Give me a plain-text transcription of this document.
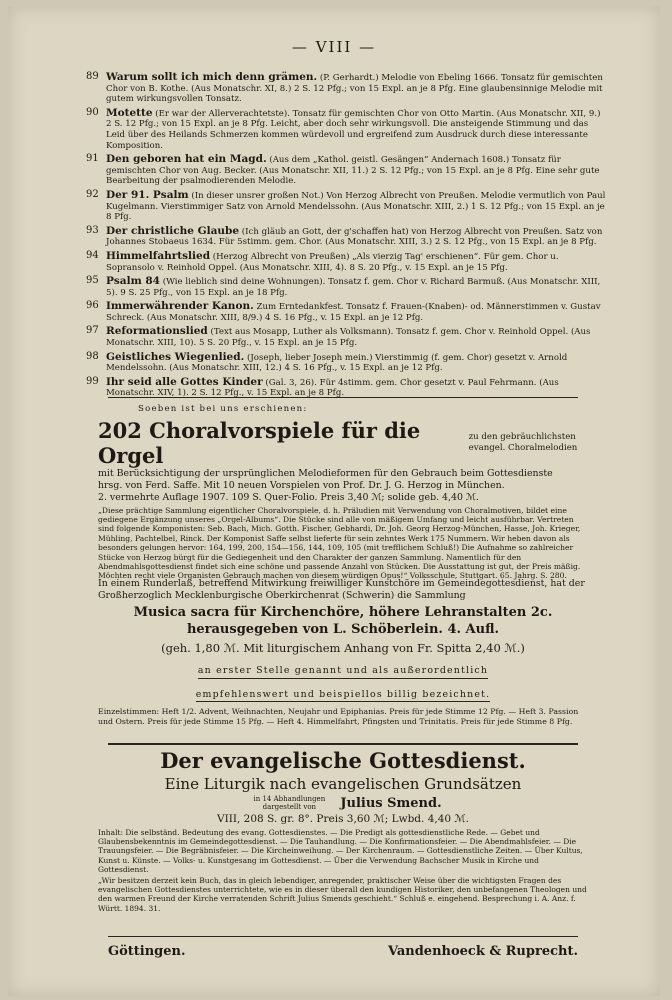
— VIII —
89 Warum sollt ich mich denn grämen. (P. Gerhardt.) Melodie von Ebeling 1666. Tonsatz für gemischten Chor von B. Kothe. (Aus Monatschr. XI, 8.) 2 S. 12 Pfg.; von 15 Expl. an je 8 Pfg. Eine glaubensinnige Melodie mit gutem wirkungsvollen Tonsatz.
90 Motette (Er war der Allerverachtetste). Tonsatz für gemischten Chor von Otto Martin. (Aus Monatschr. XII, 9.) 2 S. 12 Pfg.; von 15 Expl. an je 8 Pfg. Leicht, aber doch sehr wirkungsvoll. Die ansteigende Stimmung und das Leid über des Heilands Schmerzen kommen würdevoll und ergreifend zum Ausdruck durch diese interessante Komposition.
91 Den geboren hat ein Magd. (Aus dem „Kathol. geistl. Gesängen“ Andernach 1608.) Tonsatz für gemischten Chor von Aug. Becker. (Aus Monatschr. XII, 11.) 2 S. 12 Pfg.; von 15 Expl. an je 8 Pfg. Eine sehr gute Bearbeitung der psalmodierenden Melodie.
92 Der 91. Psalm (In dieser unsrer großen Not.) Von Herzog Albrecht von Preußen. Melodie vermutlich von Paul Kugelmann. Vierstimmiger Satz von Arnold Mendelssohn. (Aus Monatschr. XIII, 2.) 1 S. 12 Pfg.; von 15 Expl. an je 8 Pfg.
93 Der christliche Glaube (Ich gläub an Gott, der g'schaffen hat) von Herzog Albrecht von Preußen. Satz von Johannes Stobaeus 1634. Für 5stimm. gem. Chor. (Aus Monatschr. XIII, 3.) 2 S. 12 Pfg., von 15 Expl. an je 8 Pfg.
94 Himmelfahrtslied (Herzog Albrecht von Preußen) „Als vierzig Tag' erschienen“. Für gem. Chor u. Sopransolo v. Reinhold Oppel. (Aus Monatschr. XIII, 4). 8 S. 20 Pfg., v. 15 Expl. an je 15 Pfg.
95 Psalm 84 (Wie lieblich sind deine Wohnungen). Tonsatz f. gem. Chor v. Richard Barmuß. (Aus Monatschr. XIII, 5). 9 S. 25 Pfg., von 15 Expl. an je 18 Pfg.
96 Immerwährender Kanon. Zum Erntedankfest. Tonsatz f. Frauen-(Knaben)- od. Männerstimmen v. Gustav Schreck. (Aus Monatschr. XIII, 8/9.) 4 S. 16 Pfg., v. 15 Expl. an je 12 Pfg.
97 Reformationslied (Text aus Mosapp, Luther als Volksmann). Tonsatz f. gem. Chor v. Reinhold Oppel. (Aus Monatschr. XIII, 10). 5 S. 20 Pfg., v. 15 Expl. an je 15 Pfg.
98 Geistliches Wiegenlied. (Joseph, lieber Joseph mein.) Vierstimmig (f. gem. Chor) gesetzt v. Arnold Mendelssohn. (Aus Monatschr. XIII, 12.) 4 S. 16 Pfg., v. 15 Expl. an je 12 Pfg.
99 Ihr seid alle Gottes Kinder (Gal. 3, 26). Für 4stimm. gem. Chor gesetzt v. Paul Fehrmann. (Aus Monatschr. XIV, 1). 2 S. 12 Pfg., v. 15 Expl. an je 8 Pfg.
Soeben ist bei uns erschienen:
202 Choralvorspiele für die Orgel
zu den gebräuchlichsten evangel. Choralmelodien
mit Berücksichtigung der ursprünglichen Melodieformen für den Gebrauch beim Gottesdienste
hrsg. von Ferd. Saffe. Mit 10 neuen Vorspielen von Prof. Dr. J. G. Herzog in München.
2. vermehrte Auflage 1907. 109 S. Quer-Folio. Preis 3,40 ℳ; solide geb. 4,40 ℳ.
„Diese prächtige Sammlung eigentlicher Choralvorspiele, d. h. Präludien mit Verwendung von Choralmotiven, bildet eine gediegene Ergänzung unseres „Orgel-Albums“. Die Stücke sind alle von mäßigem Umfang und leicht ausführbar. Vertreten sind folgende Komponisten: Seb. Bach, Mich. Gotth. Fischer, Gebhardi, Dr. Joh. Georg Herzog-München, Hasse, Joh. Krieger, Mühling, Pachtelbel, Rinck. Der Komponist Saffe selbst lieferte für sein zehntes Werk 175 Nummern. Wir heben davon als besonders gelungen hervor: 164, 199, 200, 154—156, 144, 109, 105 (mit trefflichem Schluß!) Die Aufnahme so zahlreicher Stücke von Herzog bürgt für die Gediegenheit und den Charakter der ganzen Sammlung. Namentlich für den Abendmahlsgottesdienst findet sich eine schöne und passende Anzahl von Stücken. Die Ausstattung ist gut, der Preis mäßig. Möchten recht viele Organisten Gebrauch machen von diesem würdigen Opus!“ Volksschule, Stuttgart. 65. Jahrg. S. 280.
In einem Runderlaß, betreffend Mitwirkung freiwilliger Kunstchöre im Gemeindegottesdienst, hat der Großherzoglich Mecklenburgische Oberkirchenrat (Schwerin) die Sammlung
Musica sacra für Kirchenchöre, höhere Lehranstalten 2c.
herausgegeben von L. Schöberlein. 4. Aufl.
(geh. 1,80 ℳ. Mit liturgischem Anhang von Fr. Spitta 2,40 ℳ.)
an erster Stelle genannt und als außerordentlich
empfehlenswert und beispiellos billig bezeichnet.
Einzelstimmen: Heft 1/2. Advent, Weihnachten, Neujahr und Epiphanias. Preis für jede Stimme 12 Pfg. — Heft 3. Passion und Ostern. Preis für jede Stimme 15 Pfg. — Heft 4. Himmelfahrt, Pfingsten und Trinitatis. Preis für jede Stimme 8 Pfg.
Der evangelische Gottesdienst.
Eine Liturgik nach evangelischen Grundsätzen
in 14 Abhandlungen dargestellt von	Julius Smend.
VIII, 208 S. gr. 8°. Preis 3,60 ℳ; Lwbd. 4,40 ℳ.
Inhalt: Die selbständ. Bedeutung des evang. Gottesdienstes. — Die Predigt als gottesdienstliche Rede. — Gebet und Glaubensbekenntnis im Gemeindegottesdienst. — Die Tauhandlung. — Die Konfirmationsfeier. — Die Abendmahlsfeier. — Die Trauungsfeier. — Die Begräbnisfeier. — Die Kircheinweihung. — Der Kirchenraum. — Gottesdienstliche Zeiten. — Über Kultus, Kunst u. Künste. — Volks- u. Kunstgesang im Gottesdienst. — Über die Verwendung Bachscher Musik in Kirche und Gottesdienst.
„Wir besitzen derzeit kein Buch, das in gleich lebendiger, anregender, praktischer Weise über die wichtigsten Fragen des evangelischen Gottesdienstes unterrichtete, wie es in dieser überall den kundigen Historiker, den unbefangenen Theologen und den warmen Freund der Kirche verratenden Schrift Julius Smends geschieht.“ Schluß e. eingehend. Besprechung i. A. Anz. f. Württ. 1894. 31.
Göttingen.	Vandenhoeck & Ruprecht.
